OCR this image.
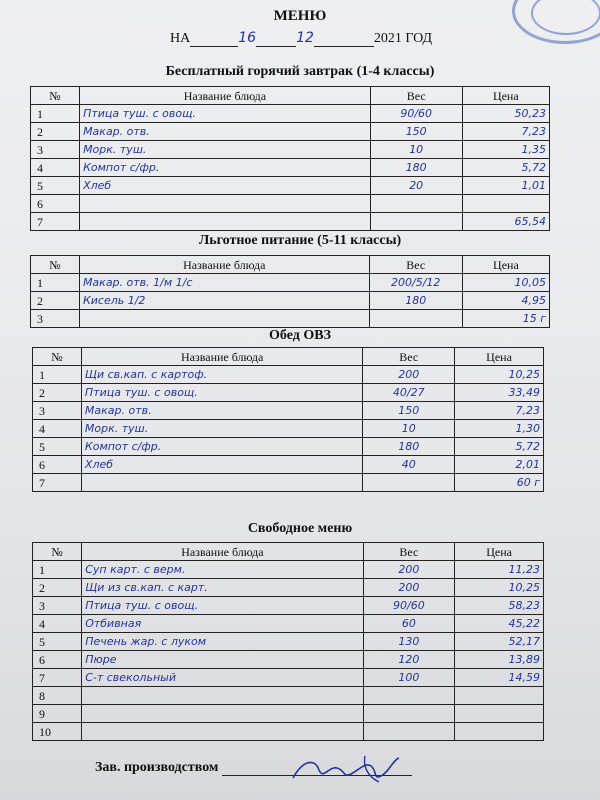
МЕНЮ
НА	16	12	2021 ГОД
Бесплатный горячий завтрак (1-4 классы)
№	Название блюда	Вес	Цена
1	Птица туш. с овощ.	90/60	50,23
2	Макар. отв.	150	7,23
3	Морк. туш.	10	1,35
4	Компот с/фр.	180	5,72
5	Хлеб	20	1,01
6			
7			65,54
Льготное питание (5-11 классы)
№	Название блюда	Вес	Цена
1	Макар. отв. 1/м 1/с	200/5/12	10,05
2	Кисель 1/2	180	4,95
3			15 г
Обед ОВЗ
№	Название блюда	Вес	Цена
1	Щи св.кап. с картоф.	200	10,25
2	Птица туш. с овощ.	40/27	33,49
3	Макар. отв.	150	7,23
4	Морк. туш.	10	1,30
5	Компот с/фр.	180	5,72
6	Хлеб	40	2,01
7			60 г
Свободное меню
№	Название блюда	Вес	Цена
1	Суп карт. с верм.	200	11,23
2	Щи из св.кап. с карт.	200	10,25
3	Птица туш. с овощ.	90/60	58,23
4	Отбивная	60	45,22
5	Печень жар. с луком	130	52,17
6	Пюре	120	13,89
7	С-т свекольный	100	14,59
8			
9			
10			
Зав. производством
